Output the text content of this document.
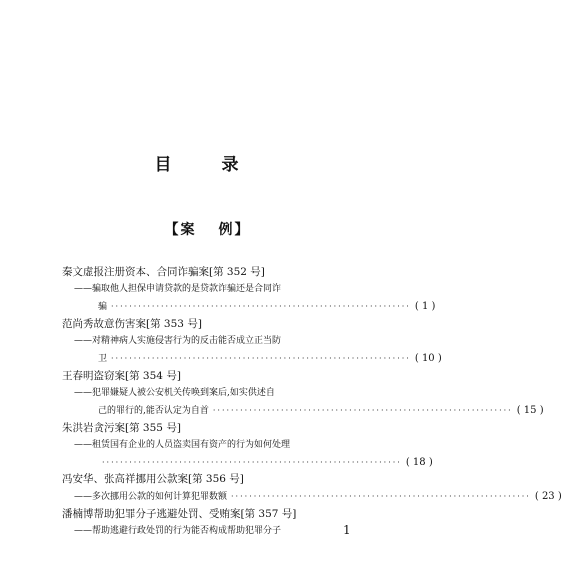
目 录
【案 例】
秦文虚报注册资本、合同诈骗案[第 352 号]
——骗取他人担保申请贷款的是贷款诈骗还是合同诈
骗 ·································································· ( 1 )
范尚秀故意伤害案[第 353 号]
——对精神病人实施侵害行为的反击能否成立正当防
卫 ·································································· ( 10 )
王春明盗窃案[第 354 号]
——犯罪嫌疑人被公安机关传唤到案后,如实供述自
己的罪行的,能否认定为自首 ·································································· ( 15 )
朱洪岩贪污案[第 355 号]
——租赁国有企业的人员盗卖国有资产的行为如何处理
·································································· ( 18 )
冯安华、张高祥挪用公款案[第 356 号]
——多次挪用公款的如何计算犯罪数额 ·································································· ( 23 )
潘楠博帮助犯罪分子逃避处罚、受贿案[第 357 号]
——帮助逃避行政处罚的行为能否构成帮助犯罪分子	1
